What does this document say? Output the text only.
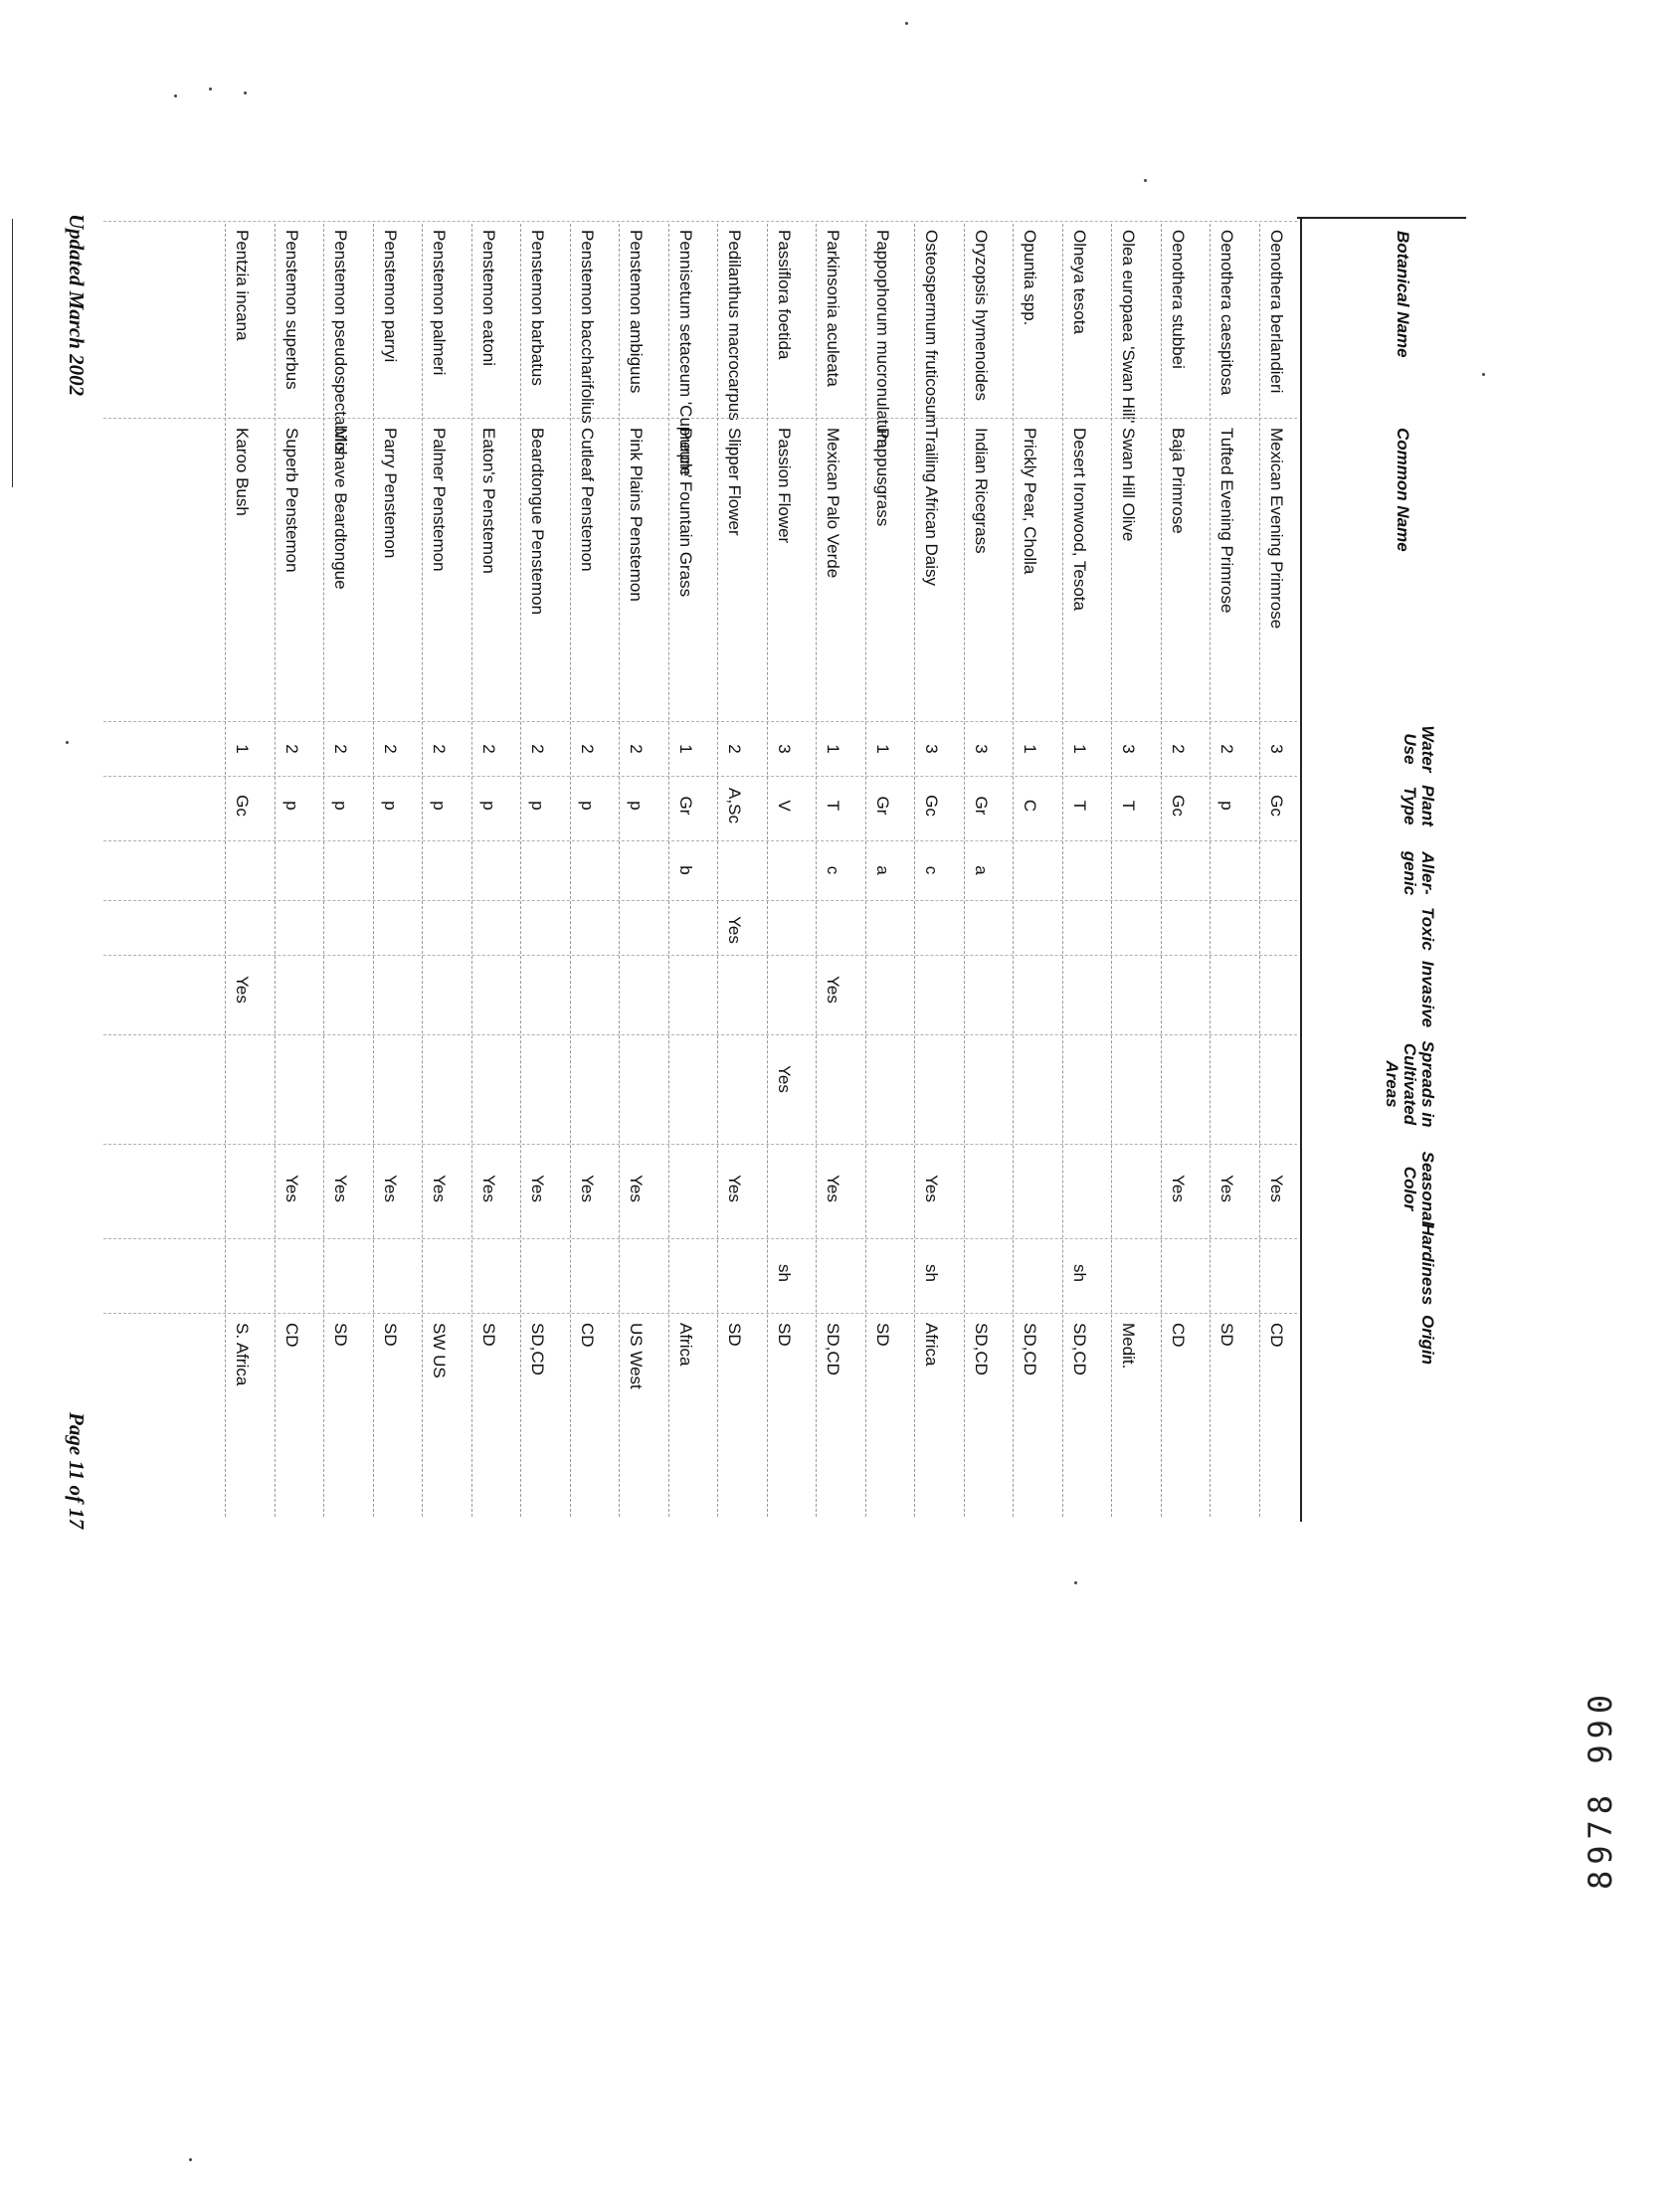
Botanical Name
Common Name
Water Use
Plant Type
Aller- genic
Toxic
Invasive
Spreads in Cultivated Areas
Seasonal Color
Hardiness
Origin
Oenothera berlandieri
Mexican Evening Primrose
3
Gc
Yes
CD
Oenothera caespitosa
Tufted Evening Primrose
2
p
Yes
SD
Oenothera stubbei
Baja Primrose
2
Gc
Yes
CD
Olea europaea 'Swan Hill'
Swan Hill Olive
3
T
Medit.
Olneya tesota
Desert Ironwood, Tesota
1
T
sh
SD,CD
Opuntia spp.
Prickly Pear, Cholla
1
C
SD,CD
Oryzopsis hymenoides
Indian Ricegrass
3
Gr
a
SD,CD
Osteospermum fruticosum
Trailing African Daisy
3
Gc
c
Yes
sh
Africa
Pappophorum mucronulatum
Pappusgrass
1
Gr
a
SD
Parkinsonia aculeata
Mexican Palo Verde
1
T
c
Yes
Yes
SD,CD
Passiflora foetida
Passion Flower
3
V
Yes
sh
SD
Pedilanthus macrocarpus
Slipper Flower
2
A,Sc
Yes
Yes
SD
Pennisetum setaceum 'Cupreum'
Purple Fountain Grass
1
Gr
b
Africa
Penstemon ambiguus
Pink Plains Penstemon
2
p
Yes
US West
Penstemon baccharifolius
Cutleaf Penstemon
2
p
Yes
CD
Penstemon barbatus
Beardtongue Penstemon
2
p
Yes
SD,CD
Penstemon eatoni
Eaton's Penstemon
2
p
Yes
SD
Penstemon palmeri
Palmer Penstemon
2
p
Yes
SW US
Penstemon parryi
Parry Penstemon
2
p
Yes
SD
Penstemon pseudospectabilis
Mohave Beardtongue
2
p
Yes
SD
Penstemon superbus
Superb Penstemon
2
p
Yes
CD
Pentzia incana
Karoo Bush
1
Gc
Yes
S. Africa
Updated March 2002
Page 11 of 17
8978 990
